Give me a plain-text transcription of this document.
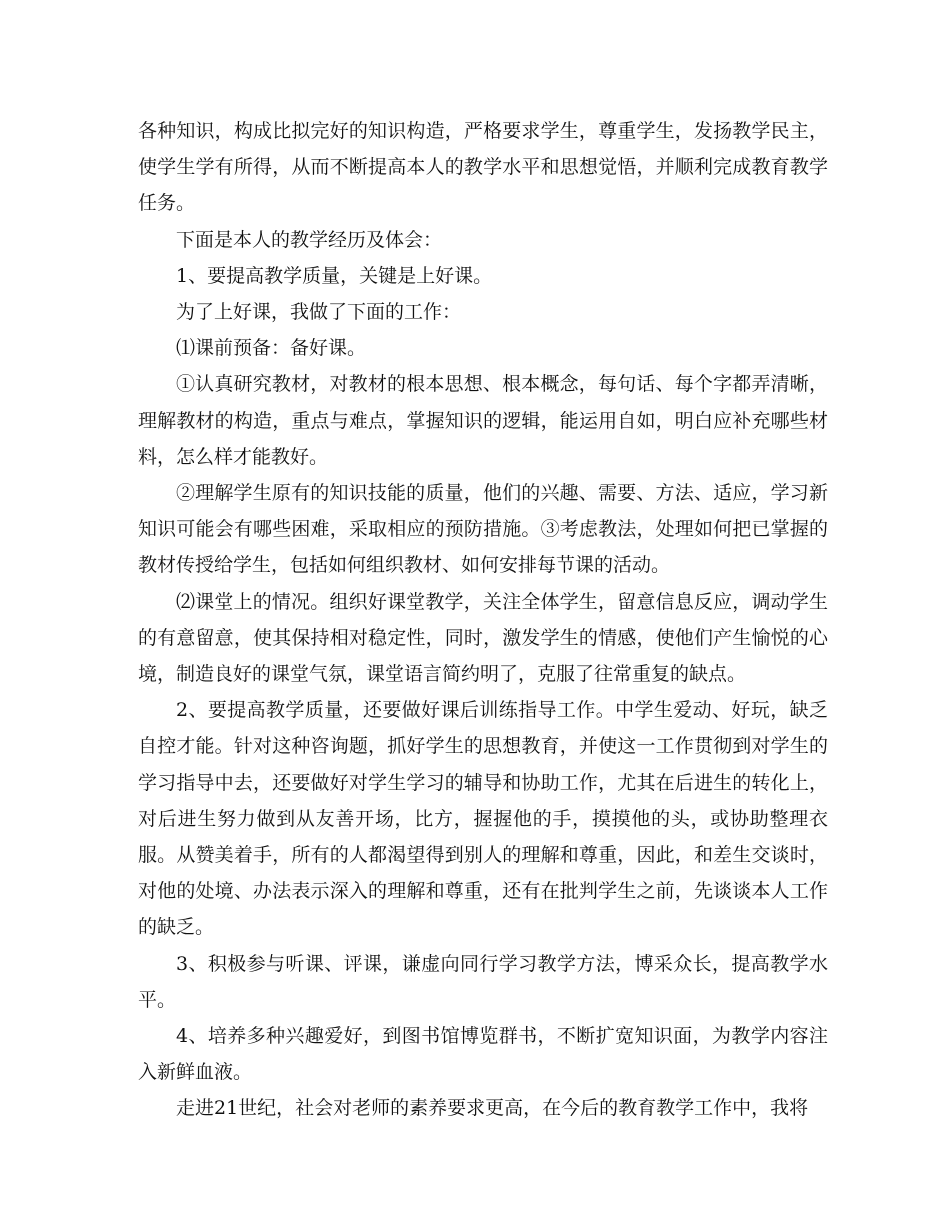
各种知识，构成比拟完好的知识构造，严格要求学生，尊重学生，发扬教学民主，使学生学有所得，从而不断提高本人的教学水平和思想觉悟，并顺利完成教育教学任务。

下面是本人的教学经历及体会：

1、要提高教学质量，关键是上好课。

为了上好课，我做了下面的工作：

⑴课前预备：备好课。

①认真研究教材，对教材的根本思想、根本概念，每句话、每个字都弄清晰，理解教材的构造，重点与难点，掌握知识的逻辑，能运用自如，明白应补充哪些材料，怎么样才能教好。

②理解学生原有的知识技能的质量，他们的兴趣、需要、方法、适应，学习新知识可能会有哪些困难，采取相应的预防措施。③考虑教法，处理如何把已掌握的教材传授给学生，包括如何组织教材、如何安排每节课的活动。

⑵课堂上的情况。组织好课堂教学，关注全体学生，留意信息反应，调动学生的有意留意，使其保持相对稳定性，同时，激发学生的情感，使他们产生愉悦的心境，制造良好的课堂气氛，课堂语言简约明了，克服了往常重复的缺点。

2、要提高教学质量，还要做好课后训练指导工作。中学生爱动、好玩，缺乏自控才能。针对这种咨询题，抓好学生的思想教育，并使这一工作贯彻到对学生的学习指导中去，还要做好对学生学习的辅导和协助工作，尤其在后进生的转化上，对后进生努力做到从友善开场，比方，握握他的手，摸摸他的头，或协助整理衣服。从赞美着手，所有的人都渴望得到别人的理解和尊重，因此，和差生交谈时，对他的处境、办法表示深入的理解和尊重，还有在批判学生之前，先谈谈本人工作的缺乏。

3、积极参与听课、评课，谦虚向同行学习教学方法，博采众长，提高教学水平。

4、培养多种兴趣爱好，到图书馆博览群书，不断扩宽知识面，为教学内容注入新鲜血液。

走进21世纪，社会对老师的素养要求更高，在今后的教育教学工作中，我将
